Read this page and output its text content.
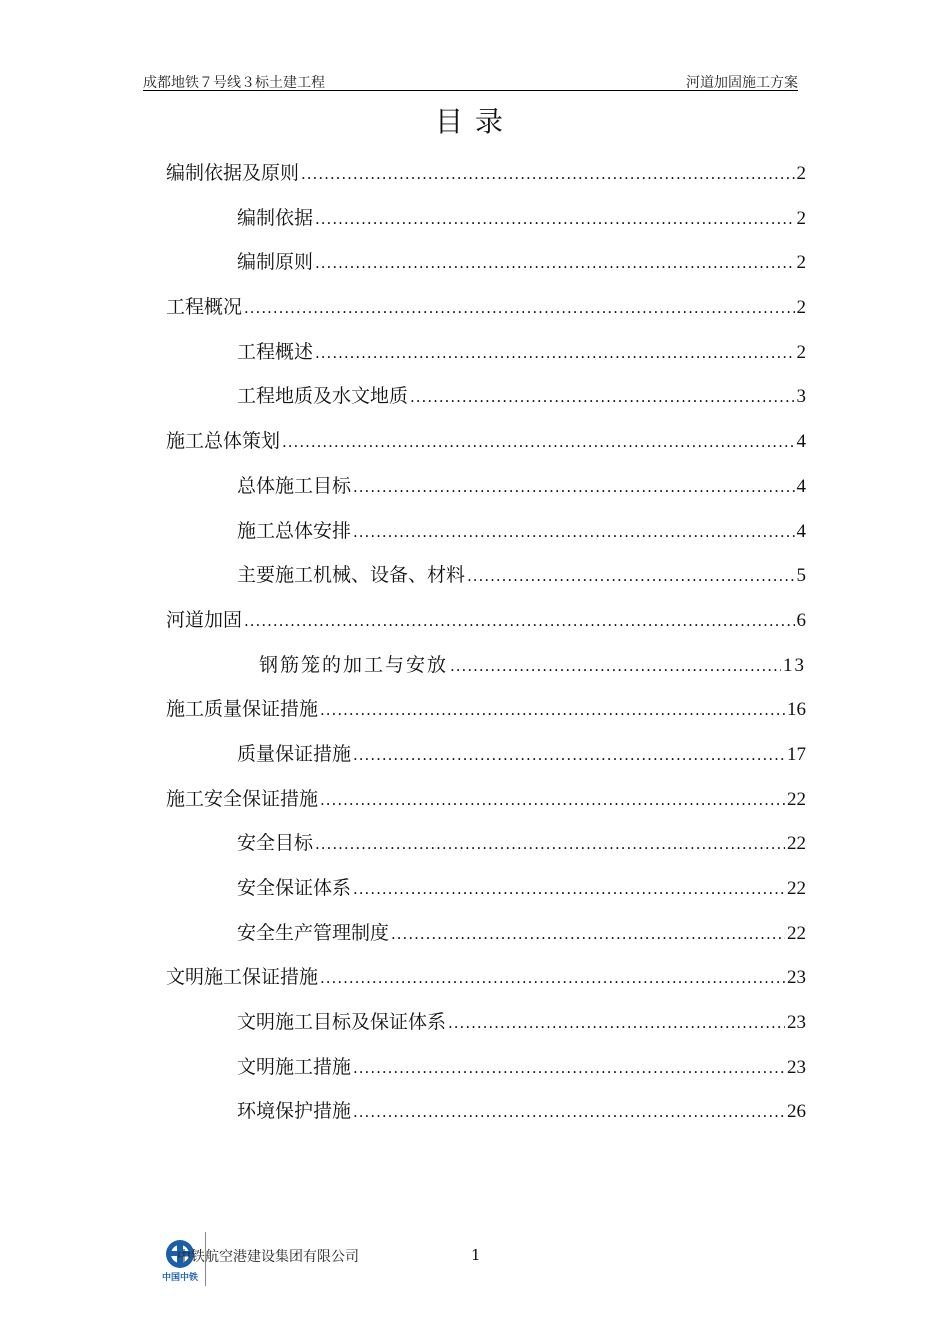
成都地铁７号线３标土建工程	河道加固施工方案
目录
编制依据及原则 .....	2
编制依据 .....	2
编制原则 .....	2
工程概况 .....	2
工程概述 .....	2
工程地质及水文地质 .....	3
施工总体策划 .....	4
总体施工目标 .....	4
施工总体安排 .....	4
主要施工机械、设备、材料 .....	5
河道加固 .....	6
钢筋笼的加工与安放 .....	13
施工质量保证措施 .....	16
质量保证措施 .....	17
施工安全保证措施 .....	22
安全目标 .....	22
安全保证体系 .....	22
安全生产管理制度 .....	22
文明施工保证措施 .....	23
文明施工目标及保证体系 .....	23
文明施工措施 .....	23
环境保护措施 .....	26
中国中铁
中铁航空港建设集团有限公司	1
